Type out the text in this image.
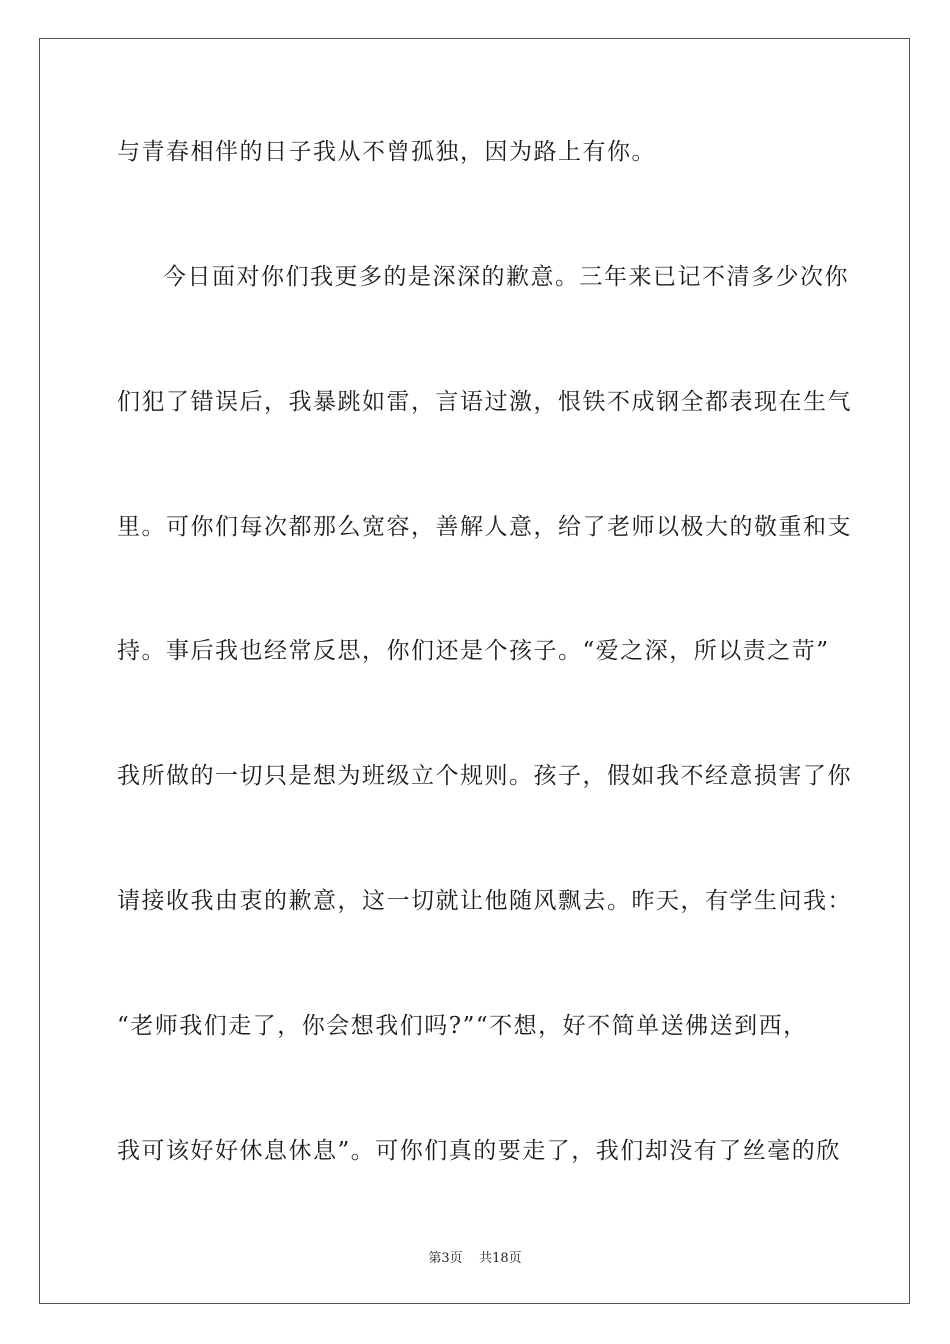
与青春相伴的日子我从不曾孤独，因为路上有你。
今日面对你们我更多的是深深的歉意。三年来已记不清多少次你
们犯了错误后，我暴跳如雷，言语过激，恨铁不成钢全都表现在生气
里。可你们每次都那么宽容，善解人意，给了老师以极大的敬重和支
持。事后我也经常反思，你们还是个孩子。“爱之深，所以责之苛”
我所做的一切只是想为班级立个规则。孩子，假如我不经意损害了你
请接收我由衷的歉意，这一切就让他随风飘去。昨天，有学生问我：
“老师我们走了，你会想我们吗?”“不想，好不简单送佛送到西，
我可该好好休息休息”。可你们真的要走了，我们却没有了丝毫的欣
第3页 共18页
